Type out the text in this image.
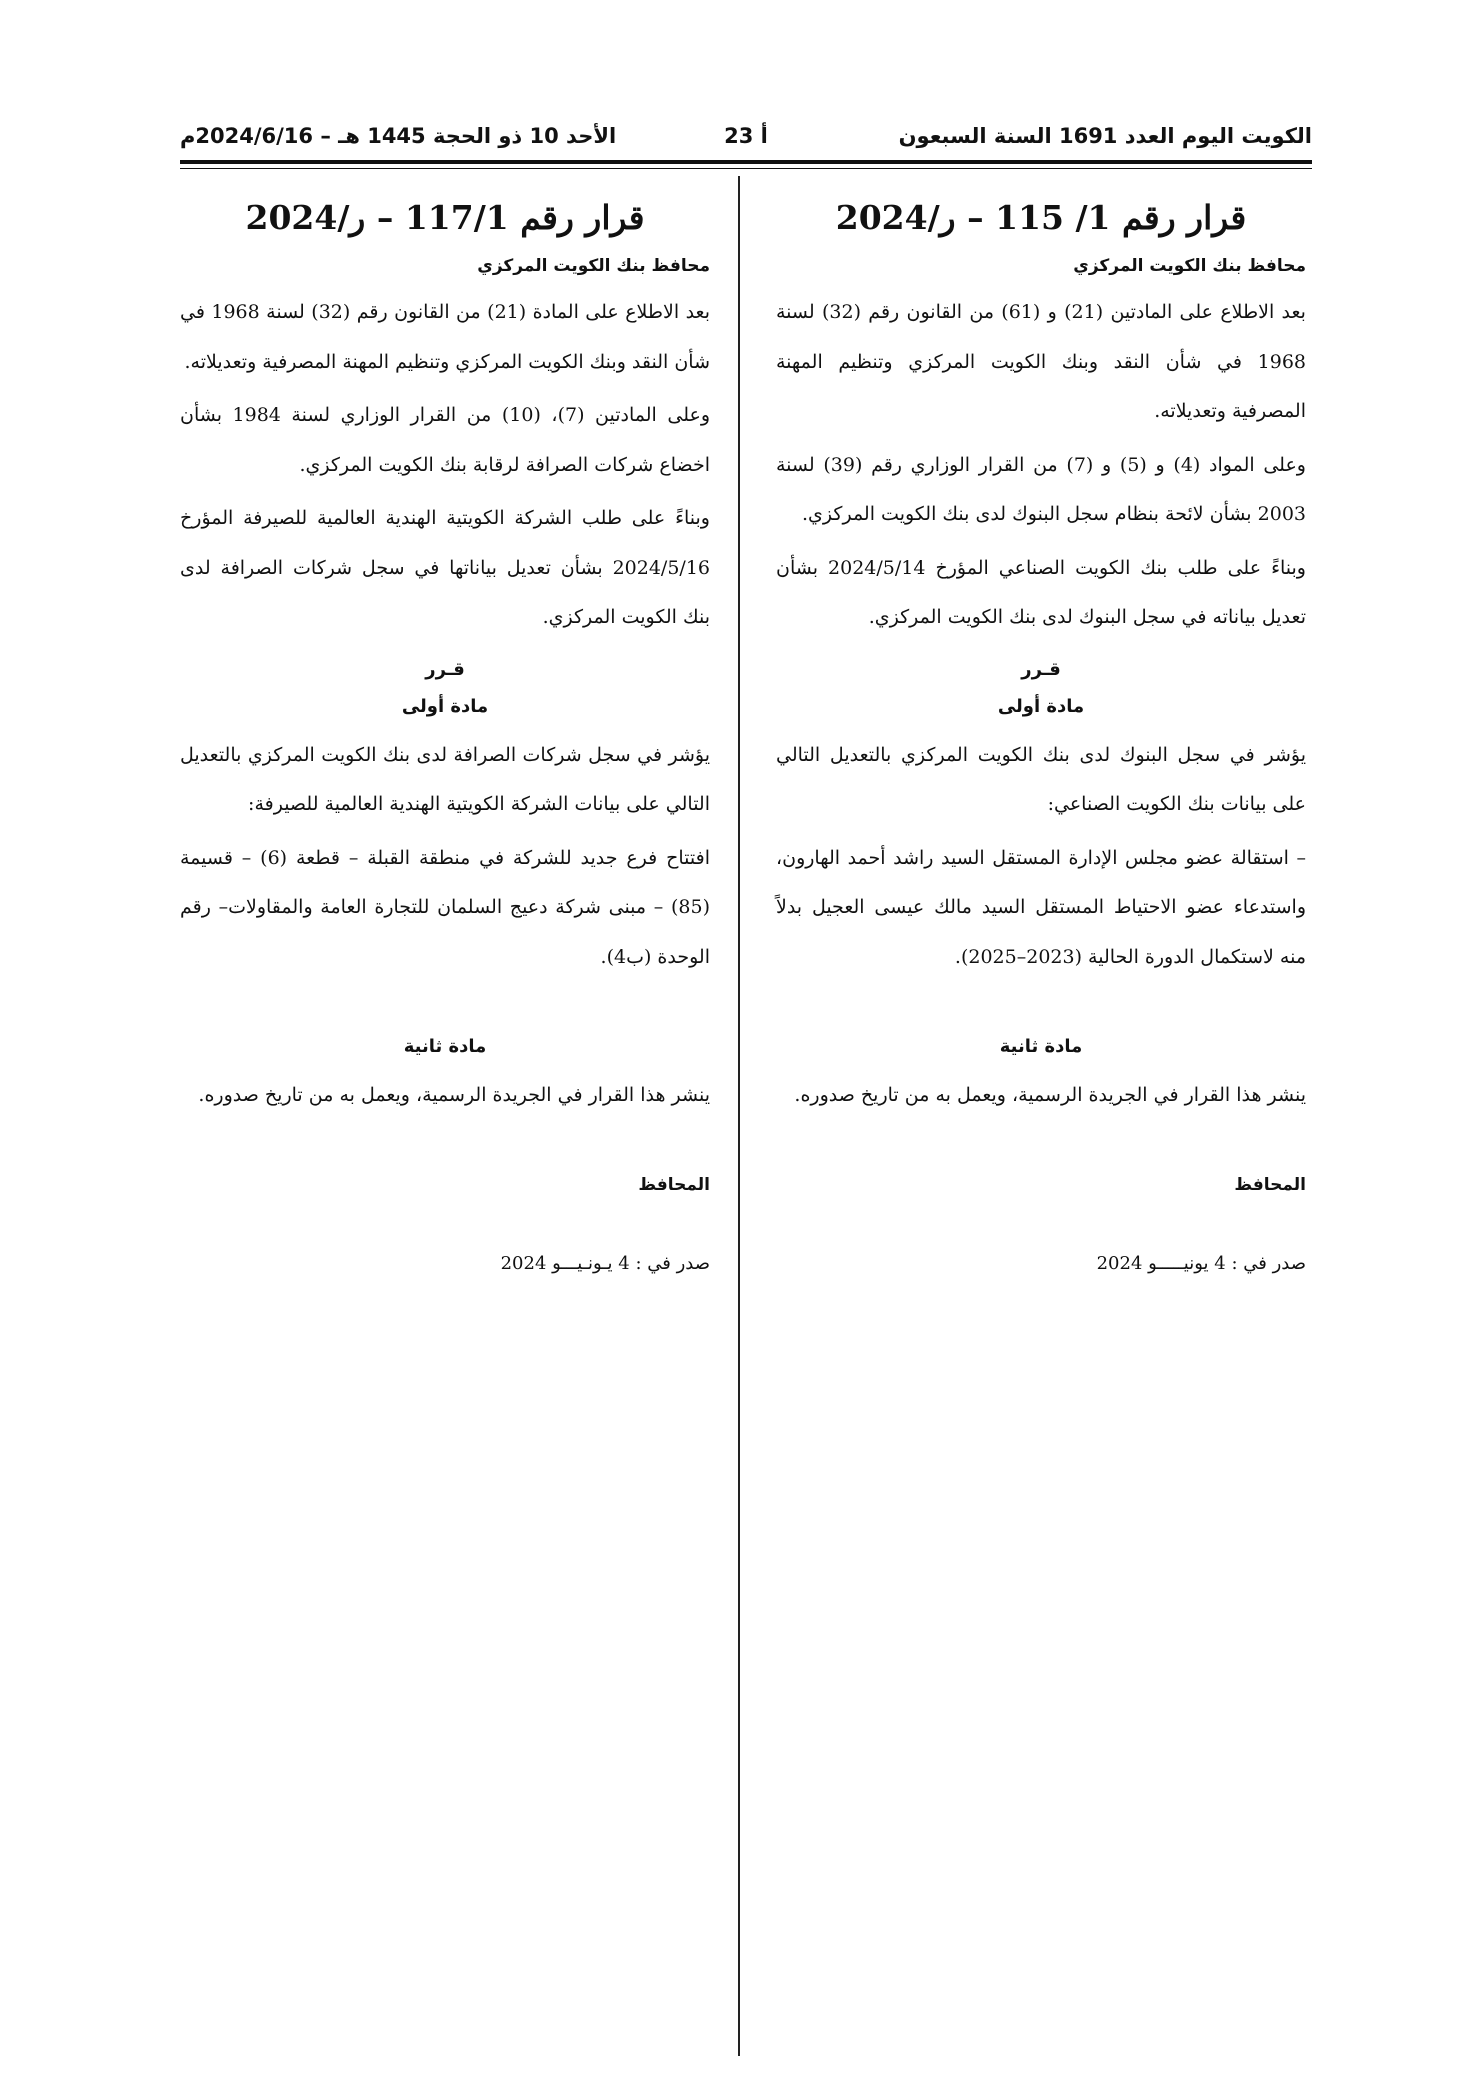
الكويت اليوم العدد 1691 السنة السبعون
أ 23
الأحد 10 ذو الحجة 1445 هـ – 2024/6/16م
قرار رقم 1/ 115 – ر/2024
محافظ بنك الكويت المركزي

بعد الاطلاع على المادتين (21) و (61) من القانون رقم (32) لسنة 1968 في شأن النقد وبنك الكويت المركزي وتنظيم المهنة المصرفية وتعديلاته.

وعلى المواد (4) و (5) و (7) من القرار الوزاري رقم (39) لسنة 2003 بشأن لائحة بنظام سجل البنوك لدى بنك الكويت المركزي.

وبناءً على طلب بنك الكويت الصناعي المؤرخ 2024/5/14 بشأن تعديل بياناته في سجل البنوك لدى بنك الكويت المركزي.

قـرر
مادة أولى

يؤشر في سجل البنوك لدى بنك الكويت المركزي بالتعديل التالي على بيانات بنك الكويت الصناعي:

– استقالة عضو مجلس الإدارة المستقل السيد راشد أحمد الهارون، واستدعاء عضو الاحتياط المستقل السيد مالك عيسى العجيل بدلاً منه لاستكمال الدورة الحالية (2023–2025).

مادة ثانية

ينشر هذا القرار في الجريدة الرسمية، ويعمل به من تاريخ صدوره.

المحافظ
صدر في : 4 يونيـــــو 2024
قرار رقم 117/1 – ر/2024
محافظ بنك الكويت المركزي

بعد الاطلاع على المادة (21) من القانون رقم (32) لسنة 1968 في شأن النقد وبنك الكويت المركزي وتنظيم المهنة المصرفية وتعديلاته.

وعلى المادتين (7)، (10) من القرار الوزاري لسنة 1984 بشأن اخضاع شركات الصرافة لرقابة بنك الكويت المركزي.

وبناءً على طلب الشركة الكويتية الهندية العالمية للصيرفة المؤرخ 2024/5/16 بشأن تعديل بياناتها في سجل شركات الصرافة لدى بنك الكويت المركزي.

قـرر
مادة أولى

يؤشر في سجل شركات الصرافة لدى بنك الكويت المركزي بالتعديل التالي على بيانات الشركة الكويتية الهندية العالمية للصيرفة:

افتتاح فرع جديد للشركة في منطقة القبلة – قطعة (6) – قسيمة (85) – مبنى شركة دعيج السلمان للتجارة العامة والمقاولات– رقم الوحدة (ب4).

مادة ثانية

ينشر هذا القرار في الجريدة الرسمية، ويعمل به من تاريخ صدوره.

المحافظ
صدر في : 4 يـونـيـــو 2024
